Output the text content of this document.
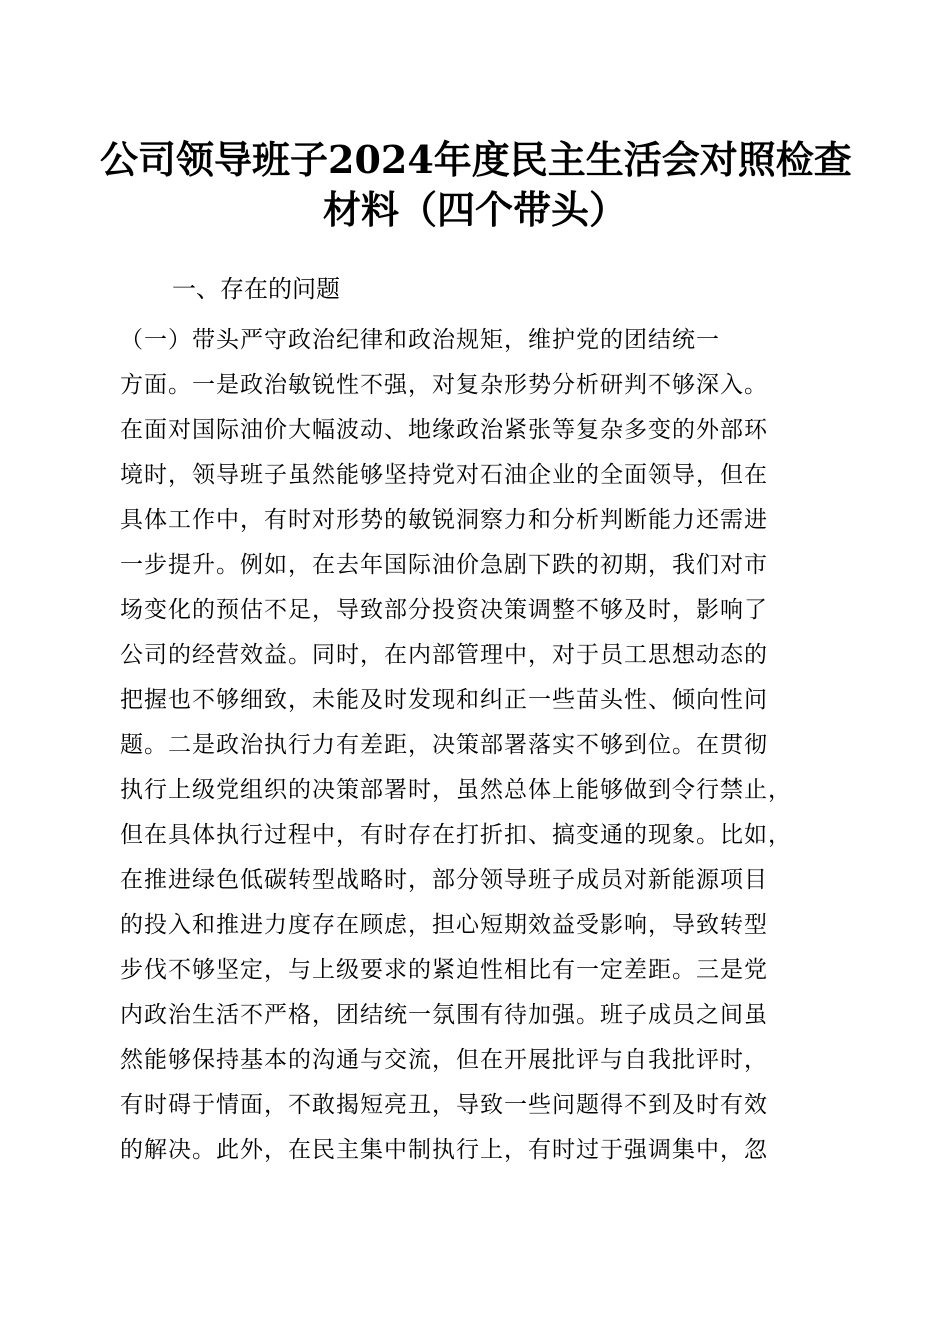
公司领导班子2024年度民主生活会对照检查
材料（四个带头）
一、存在的问题
（一）带头严守政治纪律和政治规矩，维护党的团结统一
方面。一是政治敏锐性不强，对复杂形势分析研判不够深入。
在面对国际油价大幅波动、地缘政治紧张等复杂多变的外部环
境时，领导班子虽然能够坚持党对石油企业的全面领导，但在
具体工作中，有时对形势的敏锐洞察力和分析判断能力还需进
一步提升。例如，在去年国际油价急剧下跌的初期，我们对市
场变化的预估不足，导致部分投资决策调整不够及时，影响了
公司的经营效益。同时，在内部管理中，对于员工思想动态的
把握也不够细致，未能及时发现和纠正一些苗头性、倾向性问
题。二是政治执行力有差距，决策部署落实不够到位。在贯彻
执行上级党组织的决策部署时，虽然总体上能够做到令行禁止，
但在具体执行过程中，有时存在打折扣、搞变通的现象。比如，
在推进绿色低碳转型战略时，部分领导班子成员对新能源项目
的投入和推进力度存在顾虑，担心短期效益受影响，导致转型
步伐不够坚定，与上级要求的紧迫性相比有一定差距。三是党
内政治生活不严格，团结统一氛围有待加强。班子成员之间虽
然能够保持基本的沟通与交流，但在开展批评与自我批评时，
有时碍于情面，不敢揭短亮丑，导致一些问题得不到及时有效
的解决。此外，在民主集中制执行上，有时过于强调集中，忽
